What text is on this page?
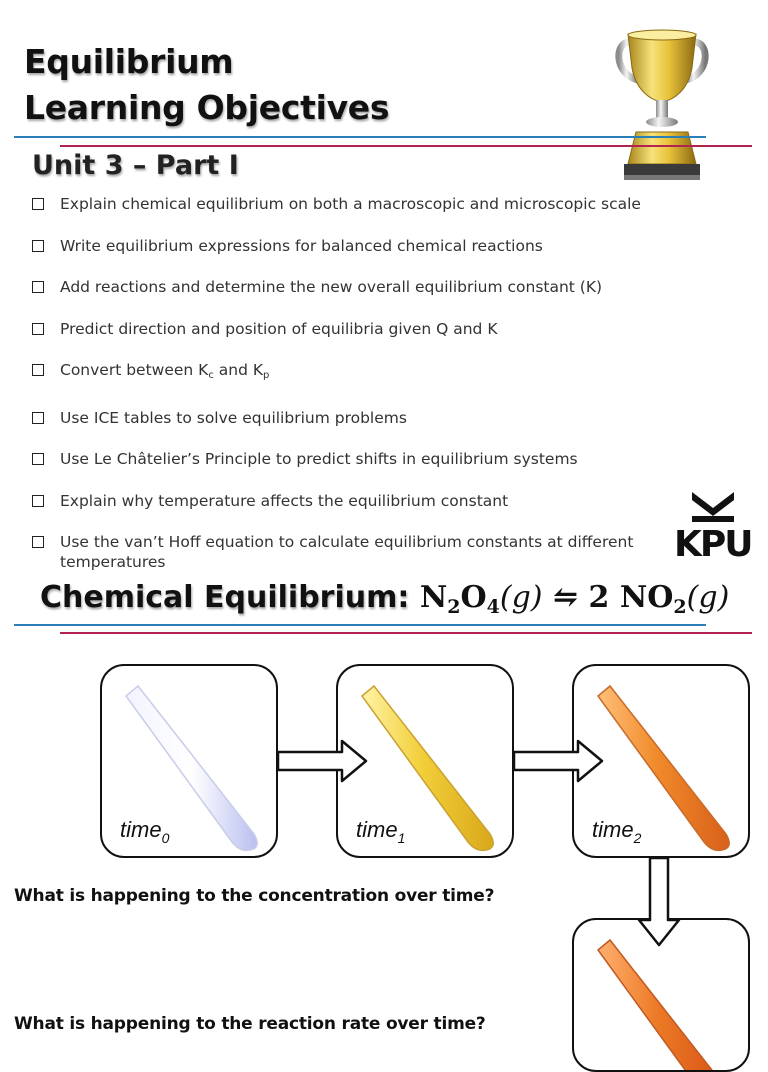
Equilibrium
Learning Objectives
Unit 3 – Part I
Explain chemical equilibrium on both a macroscopic and microscopic scale
Write equilibrium expressions for balanced chemical reactions
Add reactions and determine the new overall equilibrium constant (K)
Predict direction and position of equilibria given Q and K
Convert between $K_c$ and $K_p$
Use ICE tables to solve equilibrium problems
Use Le Châtelier’s Principle to predict shifts in equilibrium systems
Explain why temperature affects the equilibrium constant
Use the van’t Hoff equation to calculate equilibrium constants at different temperatures	KPU
Chemical Equilibrium: $N_2O_4(g)$ ⇋ 2 $NO_2(g)$
time$_0$	time$_1$	time$_2$
What is happening to the concentration over time?
What is happening to the reaction rate over time?
